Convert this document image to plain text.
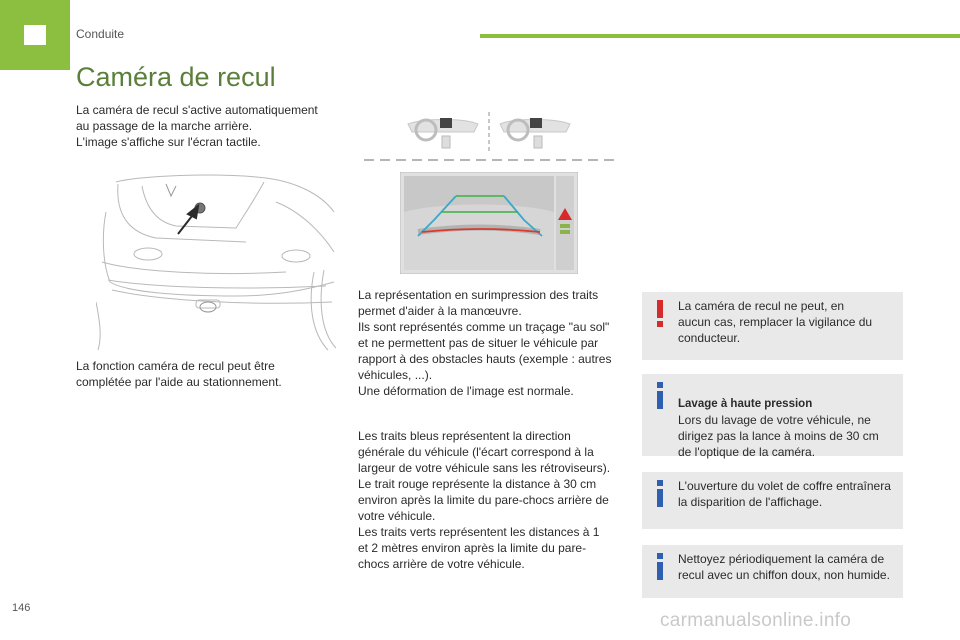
Conduite
Caméra de recul

La caméra de recul s'active automatiquement
au passage de la marche arrière.
L'image s'affiche sur l'écran tactile.

La fonction caméra de recul peut être
complétée par l'aide au stationnement.

La représentation en surimpression des traits
permet d'aider à la manœuvre.
Ils sont représentés comme un traçage "au sol"
et ne permettent pas de situer le véhicule par
rapport à des obstacles hauts (exemple : autres
véhicules, ...).
Une déformation de l'image est normale.

Les traits bleus représentent la direction
générale du véhicule (l'écart correspond à la
largeur de votre véhicule sans les rétroviseurs).
Le trait rouge représente la distance à 30 cm
environ après la limite du pare-chocs arrière de
votre véhicule.
Les traits verts représentent les distances à 1
et 2 mètres environ après la limite du pare-
chocs arrière de votre véhicule.

La caméra de recul ne peut, en
aucun cas, remplacer la vigilance du
conducteur.

Lavage à haute pression
Lors du lavage de votre véhicule, ne
dirigez pas la lance à moins de 30 cm
de l'optique de la caméra.

L'ouverture du volet de coffre entraînera
la disparition de l'affichage.
Nettoyez périodiquement la caméra de
recul avec un chiffon doux, non humide.
146
carmanualsonline.info
